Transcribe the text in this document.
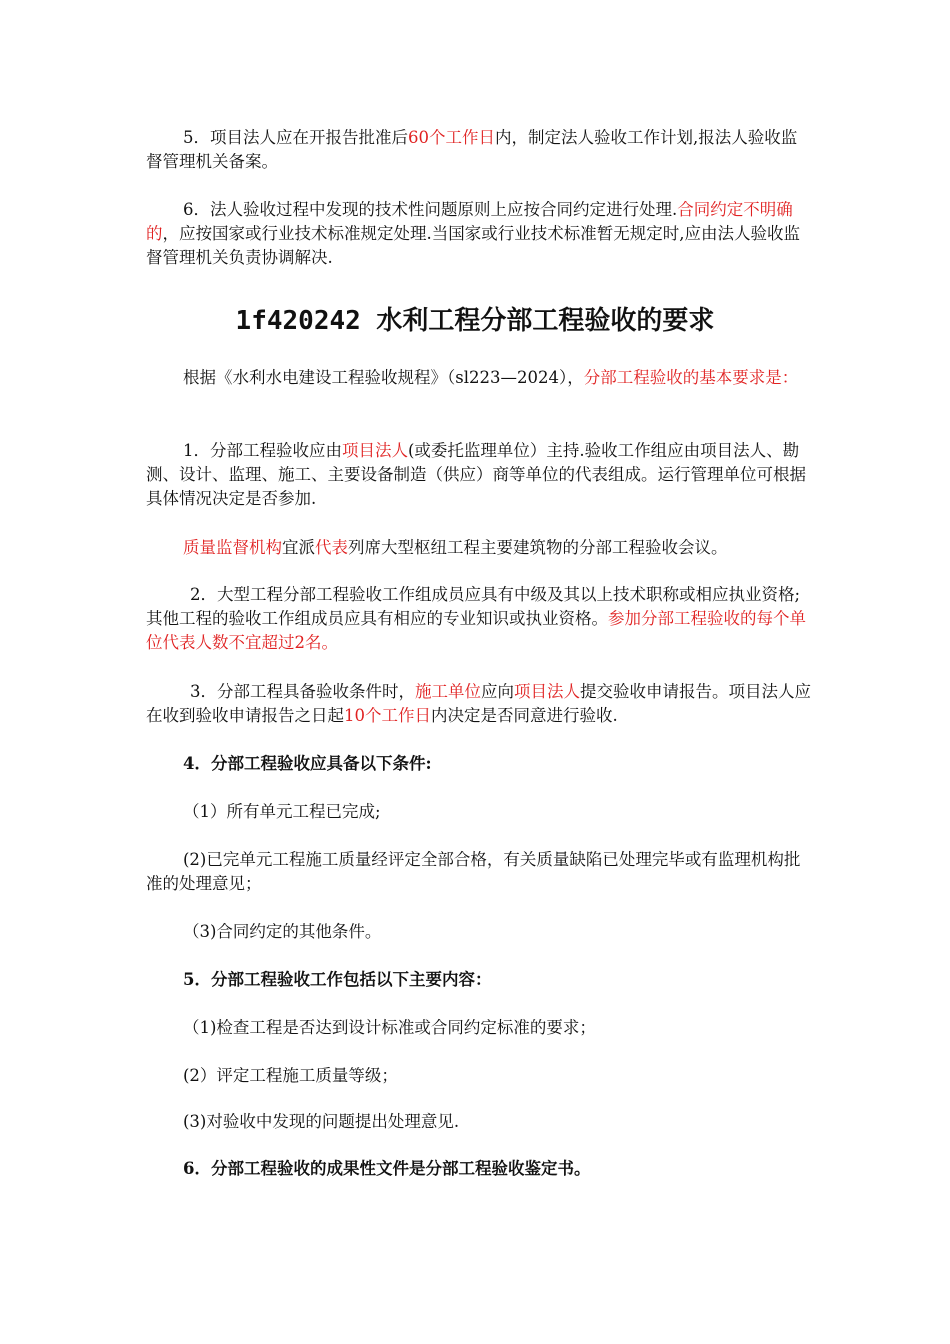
5．项目法人应在开报告批准后60个工作日内，制定法人验收工作计划,报法人验收监督管理机关备案。

6．法人验收过程中发现的技术性问题原则上应按合同约定进行处理.合同约定不明确的，应按国家或行业技术标准规定处理.当国家或行业技术标准暂无规定时,应由法人验收监督管理机关负责协调解决.

1f420242 水利工程分部工程验收的要求

根据《水利水电建设工程验收规程》（sl223—2024），分部工程验收的基本要求是：

1．分部工程验收应由项目法人(或委托监理单位）主持.验收工作组应由项目法人、勘测、设计、监理、施工、主要设备制造（供应）商等单位的代表组成。运行管理单位可根据具体情况决定是否参加.

质量监督机构宜派代表列席大型枢纽工程主要建筑物的分部工程验收会议。

2．大型工程分部工程验收工作组成员应具有中级及其以上技术职称或相应执业资格;其他工程的验收工作组成员应具有相应的专业知识或执业资格。参加分部工程验收的每个单位代表人数不宜超过2名。

3．分部工程具备验收条件时，施工单位应向项目法人提交验收申请报告。项目法人应在收到验收申请报告之日起10个工作日内决定是否同意进行验收.

4．分部工程验收应具备以下条件:

（1）所有单元工程已完成;

(2)已完单元工程施工质量经评定全部合格，有关质量缺陷已处理完毕或有监理机构批准的处理意见；

（3)合同约定的其他条件。

5．分部工程验收工作包括以下主要内容：

（1)检查工程是否达到设计标准或合同约定标准的要求；

(2）评定工程施工质量等级；

(3)对验收中发现的问题提出处理意见.

6．分部工程验收的成果性文件是分部工程验收鉴定书。
